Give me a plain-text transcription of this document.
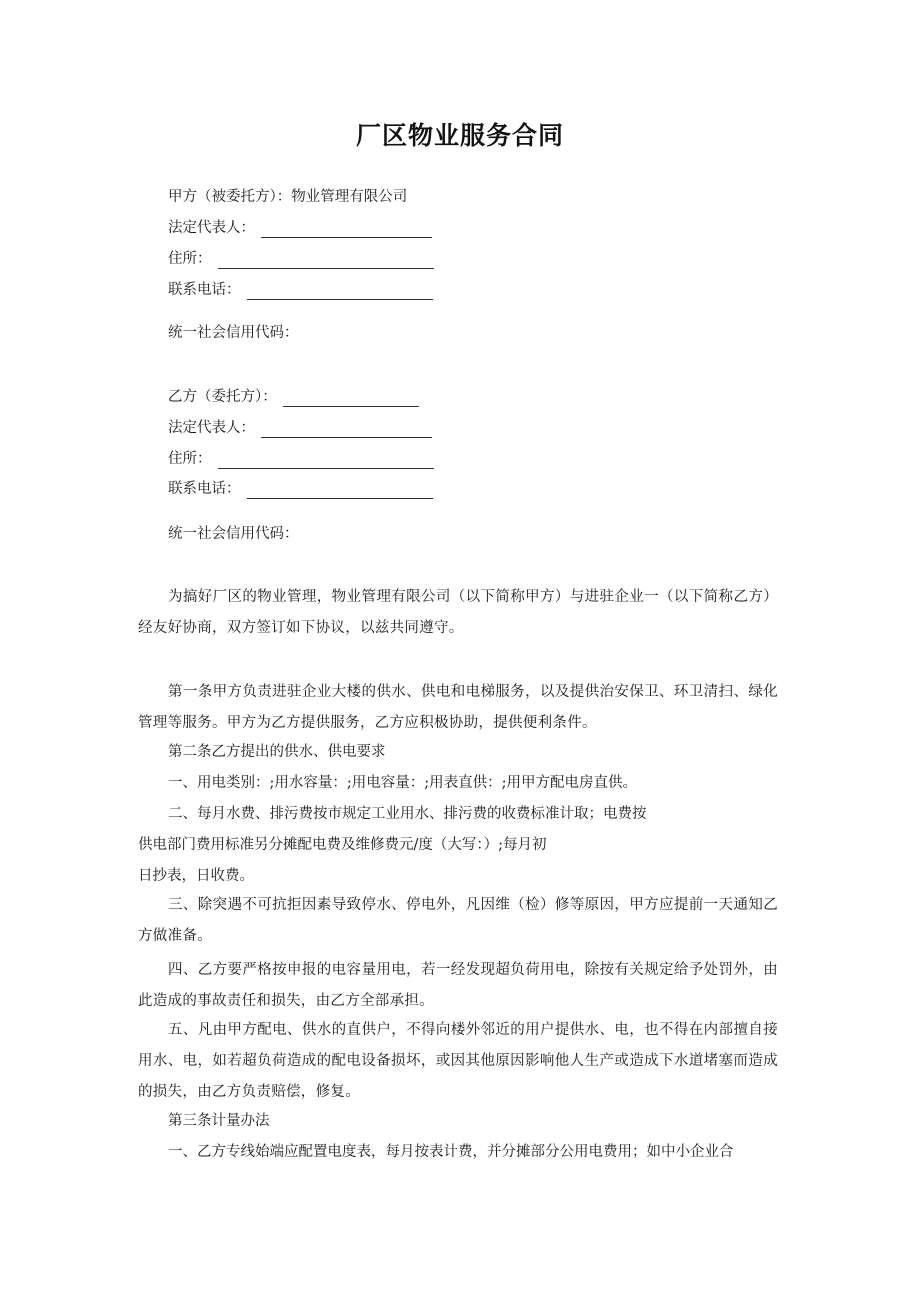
厂区物业服务合同
甲方（被委托方）：物业管理有限公司
法定代表人：
住所：
联系电话：
统一社会信用代码：
乙方（委托方）：
法定代表人：
住所：
联系电话：
统一社会信用代码：
为搞好厂区的物业管理，物业管理有限公司（以下简称甲方）与进驻企业一（以下简称乙方）经友好协商，双方签订如下协议，以兹共同遵守。
第一条甲方负责进驻企业大楼的供水、供电和电梯服务，以及提供治安保卫、环卫清扫、绿化管理等服务。甲方为乙方提供服务，乙方应积极协助，提供便利条件。
第二条乙方提出的供水、供电要求
一、用电类别：;用水容量：;用电容量：;用表直供：;用甲方配电房直供。
二、每月水费、排污费按市规定工业用水、排污费的收费标准计取；电费按
供电部门费用标准另分摊配电费及维修费元/度（大写：）;每月初
日抄表，日收费。
三、除突遇不可抗拒因素导致停水、停电外，凡因维（检）修等原因，甲方应提前一天通知乙方做准备。
四、乙方要严格按申报的电容量用电，若一经发现超负荷用电，除按有关规定给予处罚外，由此造成的事故责任和损失，由乙方全部承担。
五、凡由甲方配电、供水的直供户，不得向楼外邻近的用户提供水、电，也不得在内部擅自接用水、电，如若超负荷造成的配电设备损坏，或因其他原因影响他人生产或造成下水道堵塞而造成的损失，由乙方负责赔偿，修复。
第三条计量办法
一、乙方专线始端应配置电度表，每月按表计费，并分摊部分公用电费用；如中小企业合
